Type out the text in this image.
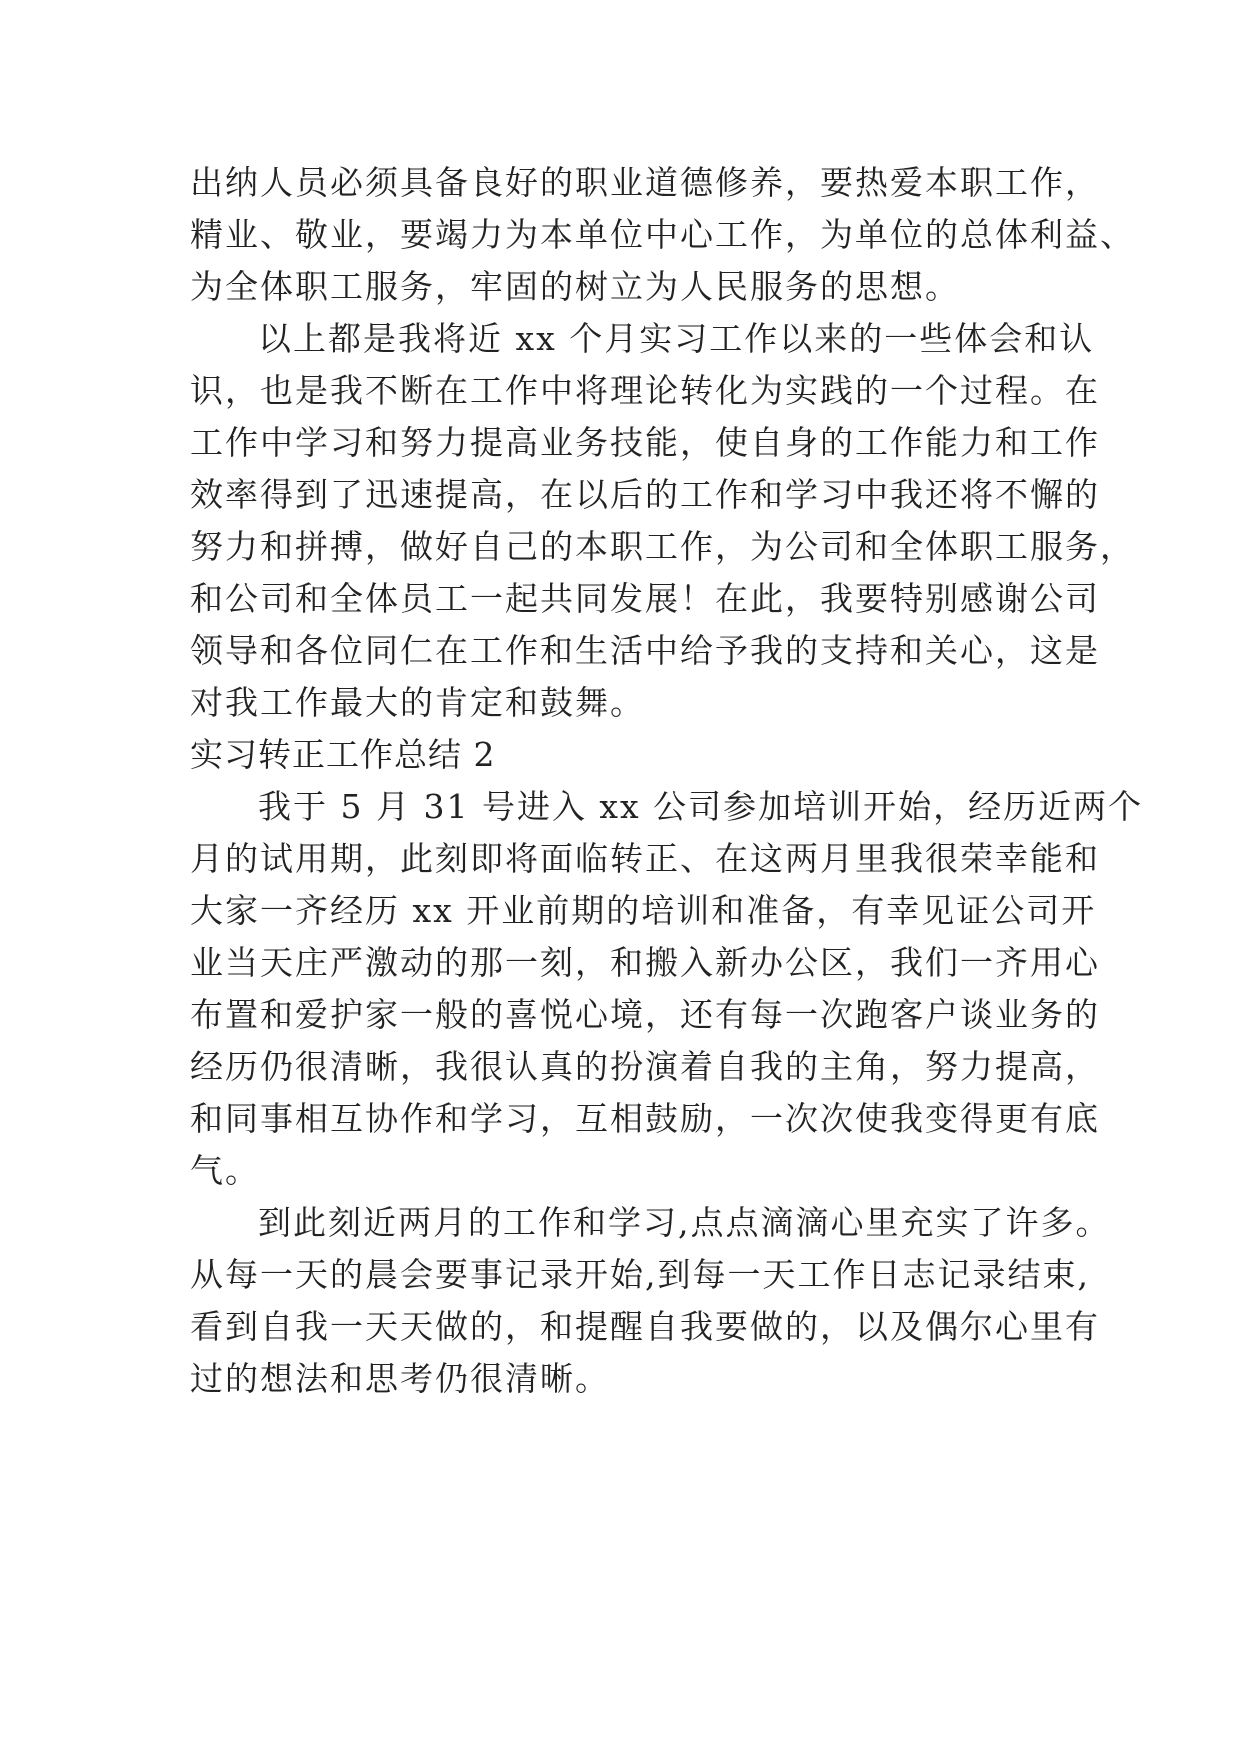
出纳人员必须具备良好的职业道德修养，要热爱本职工作，
精业、敬业，要竭力为本单位中心工作，为单位的总体利益、
为全体职工服务，牢固的树立为人民服务的思想。
以上都是我将近 xx 个月实习工作以来的一些体会和认
识，也是我不断在工作中将理论转化为实践的一个过程。在
工作中学习和努力提高业务技能，使自身的工作能力和工作
效率得到了迅速提高，在以后的工作和学习中我还将不懈的
努力和拼搏，做好自己的本职工作，为公司和全体职工服务，
和公司和全体员工一起共同发展！在此，我要特别感谢公司
领导和各位同仁在工作和生活中给予我的支持和关心，这是
对我工作最大的肯定和鼓舞。
实习转正工作总结 2
我于 5 月 31 号进入 xx 公司参加培训开始，经历近两个
月的试用期，此刻即将面临转正、在这两月里我很荣幸能和
大家一齐经历 xx 开业前期的培训和准备，有幸见证公司开
业当天庄严激动的那一刻，和搬入新办公区，我们一齐用心
布置和爱护家一般的喜悦心境，还有每一次跑客户谈业务的
经历仍很清晰，我很认真的扮演着自我的主角，努力提高，
和同事相互协作和学习，互相鼓励，一次次使我变得更有底
气。
到此刻近两月的工作和学习,点点滴滴心里充实了许多。
从每一天的晨会要事记录开始,到每一天工作日志记录结束,
看到自我一天天做的，和提醒自我要做的，以及偶尔心里有
过的想法和思考仍很清晰。
